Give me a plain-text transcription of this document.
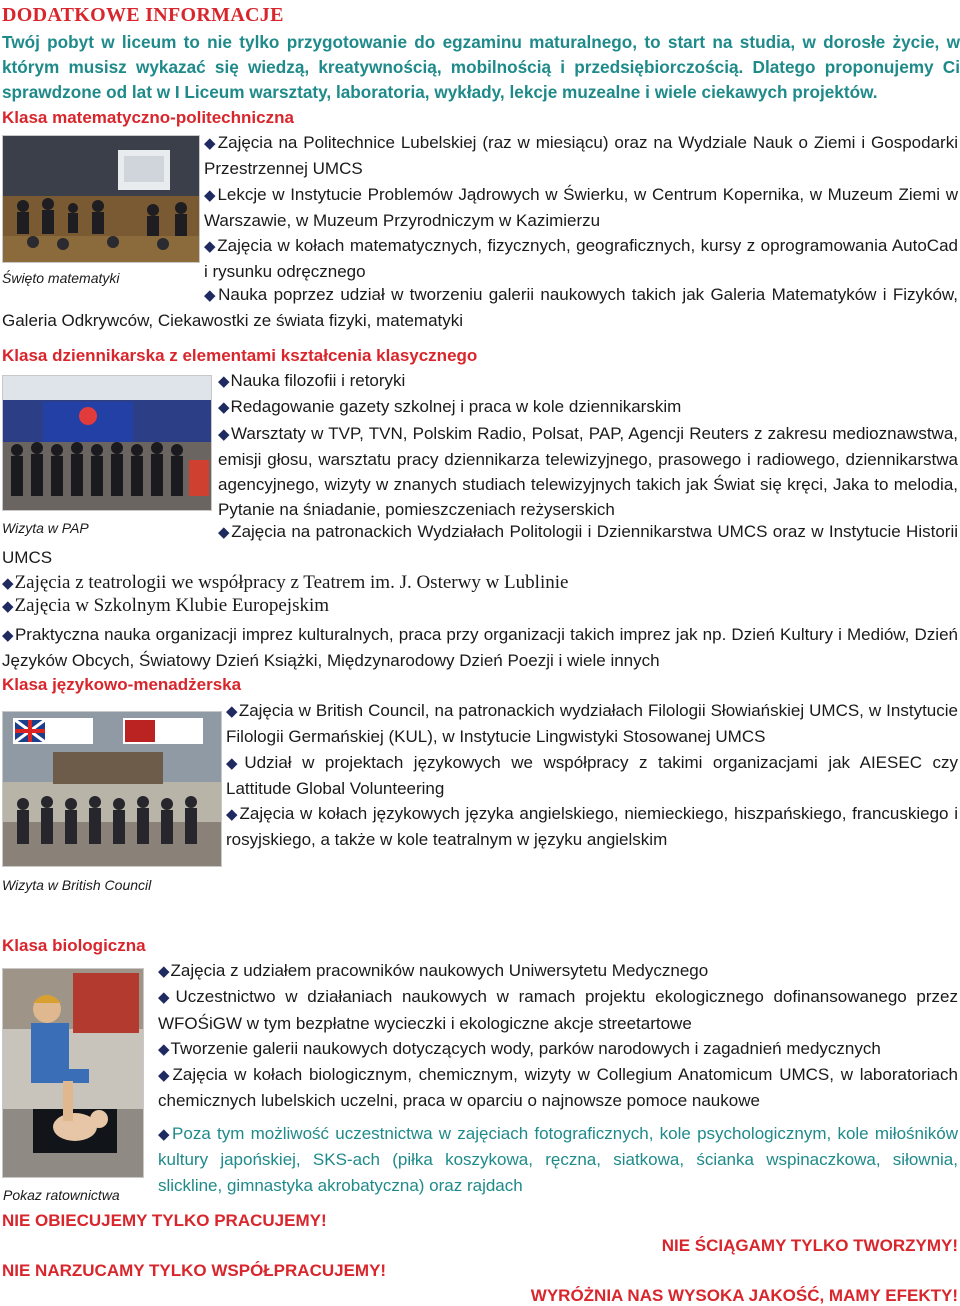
DODATKOWE INFORMACJE
Twój pobyt w liceum to nie tylko przygotowanie do egzaminu maturalnego, to start na studia, w dorosłe życie, w którym musisz wykazać się wiedzą, kreatywnością, mobilnością i przedsiębiorczością. Dlatego proponujemy Ci sprawdzone od lat w I Liceum warsztaty, laboratoria, wykłady, lekcje muzealne i wiele ciekawych projektów.
Klasa matematyczno-politechniczna
Święto matematyki

◆Zajęcia na Politechnice Lubelskiej (raz w miesiącu) oraz na Wydziale Nauk o Ziemi i Gospodarki Przestrzennej UMCS

◆Lekcje w Instytucie Problemów Jądrowych w Świerku, w Centrum Kopernika, w Muzeum Ziemi w Warszawie, w Muzeum Przyrodniczym w Kazimierzu

◆Zajęcia w kołach matematycznych, fizycznych, geograficznych, kursy z oprogramowania AutoCad i rysunku odręcznego

◆Nauka poprzez udział w tworzeniu galerii naukowych takich jak Galeria Matematyków i Fizyków, Galeria Odkrywców, Ciekawostki ze świata fizyki, matematyki
Klasa dziennikarska z elementami kształcenia klasycznego
Wizyta w PAP

◆Nauka filozofii i retoryki

◆Redagowanie gazety szkolnej i praca w kole dziennikarskim

◆Warsztaty w TVP, TVN, Polskim Radio, Polsat, PAP, Agencji Reuters z zakresu medioznawstwa, emisji głosu, warsztatu pracy dziennikarza telewizyjnego, prasowego i radiowego, dziennikarstwa agencyjnego, wizyty w znanych studiach telewizyjnych takich jak Świat się kręci, Jaka to melodia, Pytanie na śniadanie, pomieszczeniach reżyserskich

◆Zajęcia na patronackich Wydziałach Politologii i Dziennikarstwa UMCS oraz w Instytucie Historii UMCS
◆Zajęcia z teatrologii we współpracy z Teatrem im. J. Osterwy w Lublinie
◆Zajęcia w Szkolnym Klubie Europejskim
◆Praktyczna nauka organizacji imprez kulturalnych, praca przy organizacji takich imprez jak np. Dzień Kultury i Mediów, Dzień Języków Obcych, Światowy Dzień Książki, Międzynarodowy Dzień Poezji i wiele innych
Klasa językowo-menadżerska
Wizyta w British Council

◆Zajęcia w British Council, na patronackich wydziałach Filologii Słowiańskiej UMCS, w Instytucie Filologii Germańskiej (KUL), w Instytucie Lingwistyki Stosowanej UMCS

◆Udział w projektach językowych we współpracy z takimi organizacjami jak AIESEC czy Lattitude Global Volunteering

◆Zajęcia w kołach językowych języka angielskiego, niemieckiego, hiszpańskiego, francuskiego i rosyjskiego, a także w kole teatralnym w języku angielskim

Klasa biologiczna
Pokaz ratownictwa

◆Zajęcia z udziałem pracowników naukowych Uniwersytetu Medycznego

◆Uczestnictwo w działaniach naukowych w ramach projektu ekologicznego dofinansowanego przez WFOŚiGW w tym bezpłatne wycieczki i ekologiczne akcje streetartowe

◆Tworzenie galerii naukowych dotyczących wody, parków narodowych i zagadnień medycznych

◆Zajęcia w kołach biologicznym, chemicznym, wizyty w Collegium Anatomicum UMCS, w laboratoriach chemicznych lubelskich uczelni, praca w oparciu o najnowsze pomoce naukowe

◆Poza tym możliwość uczestnictwa w zajęciach fotograficznych, kole psychologicznym, kole miłośników kultury japońskiej, SKS-ach (piłka koszykowa, ręczna, siatkowa, ścianka wspinaczkowa, siłownia, slickline, gimnastyka akrobatyczna) oraz rajdach
NIE OBIECUJEMY TYLKO PRACUJEMY!
NIE ŚCIĄGAMY TYLKO TWORZYMY!
NIE NARZUCAMY TYLKO WSPÓŁPRACUJEMY!
WYRÓŻNIA NAS WYSOKA JAKOŚĆ, MAMY EFEKTY!
